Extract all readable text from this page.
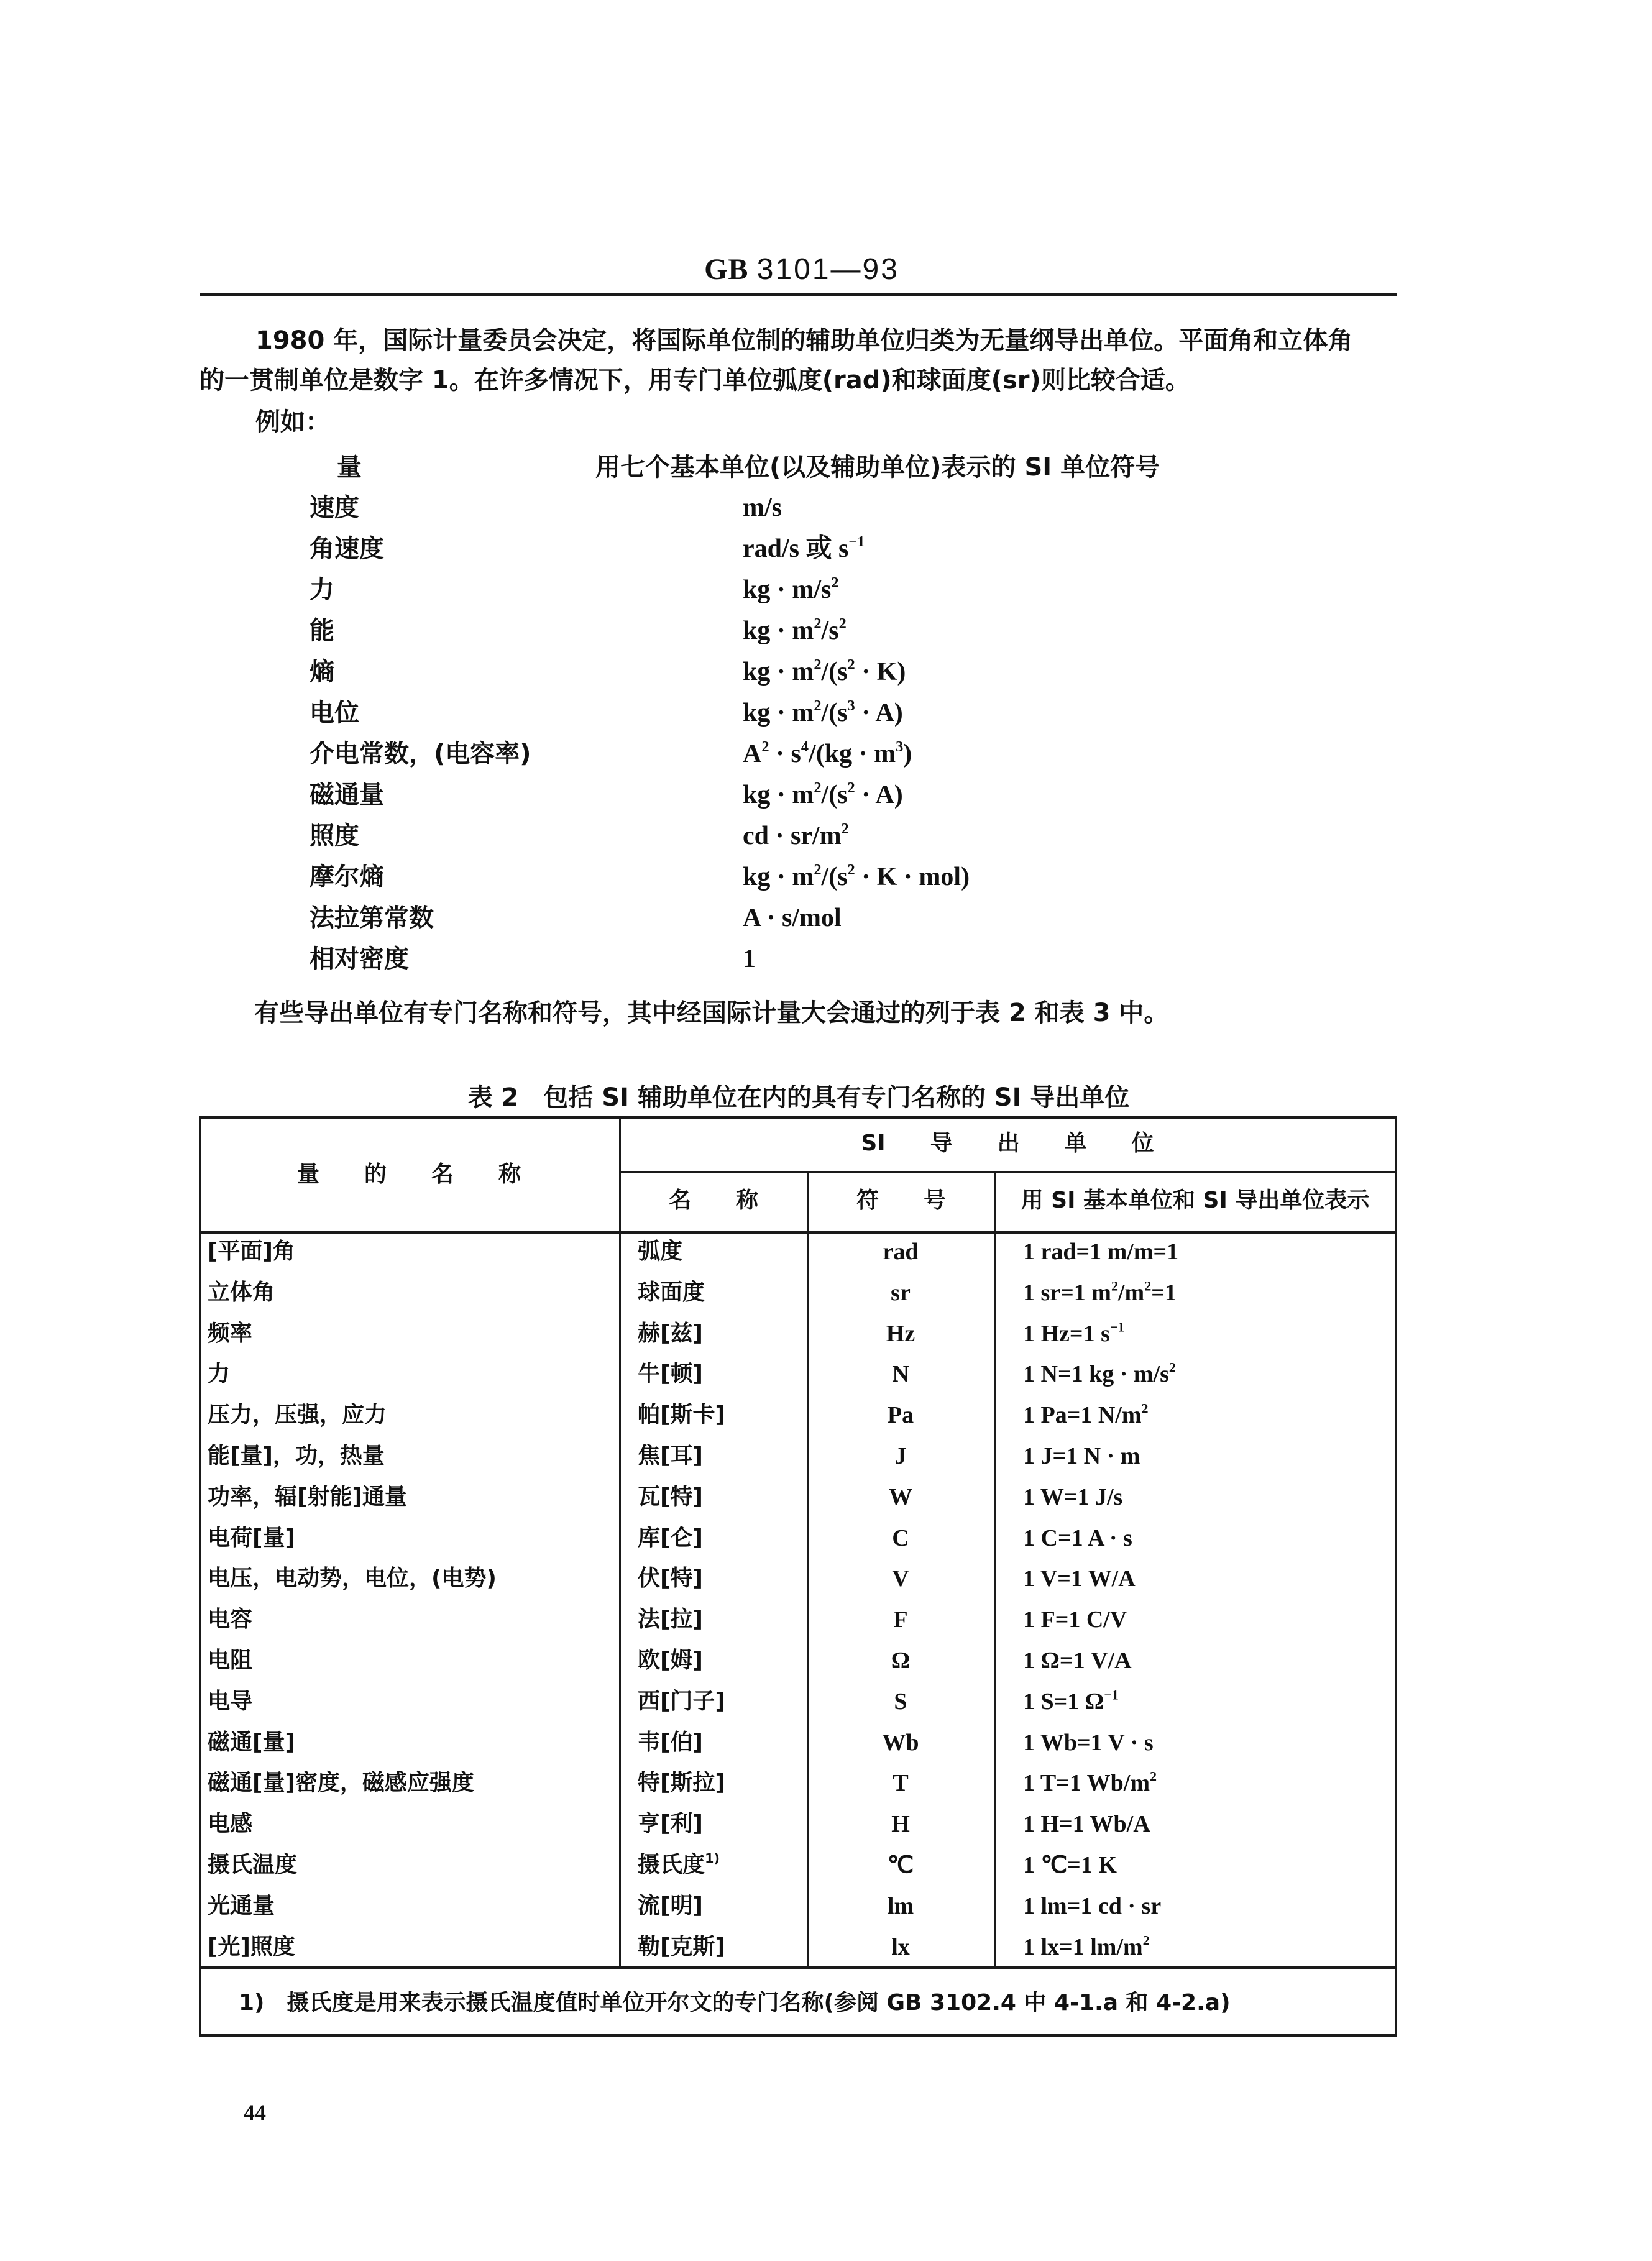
GB 3101—93
1980 年，国际计量委员会决定，将国际单位制的辅助单位归类为无量纲导出单位。平面角和立体角
的一贯制单位是数字 1。在许多情况下，用专门单位弧度(rad)和球面度(sr)则比较合适。
例如：
量	用七个基本单位(以及辅助单位)表示的 SI 单位符号
速度	m/s
角速度	rad/s 或 $s^{-1}$
力	kg · $m/s^2$
能	kg · $m^2/s^2$
熵	kg · $m^2/(s^2 \cdot K)$
电位	kg · $m^2/(s^3 \cdot A)$
介电常数，(电容率)	$A^2 \cdot s^4/(kg \cdot m^3)$
磁通量	kg · $m^2/(s^2 \cdot A)$
照度	cd · $sr/m^2$
摩尔熵	kg · $m^2/(s^2 \cdot K \cdot mol)$
法拉第常数	A · s/mol
相对密度	1
有些导出单位有专门名称和符号，其中经国际计量大会通过的列于表 2 和表 3 中。
表 2　包括 SI 辅助单位在内的具有专门名称的 SI 导出单位
量　　的　　名　　称
SI　　导　　出　　单　　位
名　　称	符　　号	用 SI 基本单位和 SI 导出单位表示
[平面]角	弧度	rad	1 rad=1 m/m=1
立体角	球面度	sr	1 sr=1 $m^2/m^2=1$
频率	赫[兹]	Hz	1 Hz=1 $s^{-1}$
力	牛[顿]	N	1 N=1 kg · $m/s^2$
压力，压强，应力	帕[斯卡]	Pa	1 Pa=1 $N/m^2$
能[量]，功，热量	焦[耳]	J	1 J=1 N · m
功率，辐[射能]通量	瓦[特]	W	1 W=1 J/s
电荷[量]	库[仑]	C	1 C=1 A · s
电压，电动势，电位，(电势)	伏[特]	V	1 V=1 W/A
电容	法[拉]	F	1 F=1 C/V
电阻	欧[姆]	Ω	1 Ω=1 V/A
电导	西[门子]	S	1 S=1 $\Omega^{-1}$
磁通[量]	韦[伯]	Wb	1 Wb=1 V · s
磁通[量]密度，磁感应强度	特[斯拉]	T	1 T=1 $Wb/m^2$
电感	亨[利]	H	1 H=1 Wb/A
摄氏温度	摄氏度$^{1)}$	℃	1 ℃=1 K
光通量	流[明]	lm	1 lm=1 cd · sr
[光]照度	勒[克斯]	lx	1 lx=1 $lm/m^2$
1)　摄氏度是用来表示摄氏温度值时单位开尔文的专门名称(参阅 GB 3102.4 中 4-1.a 和 4-2.a)
44
